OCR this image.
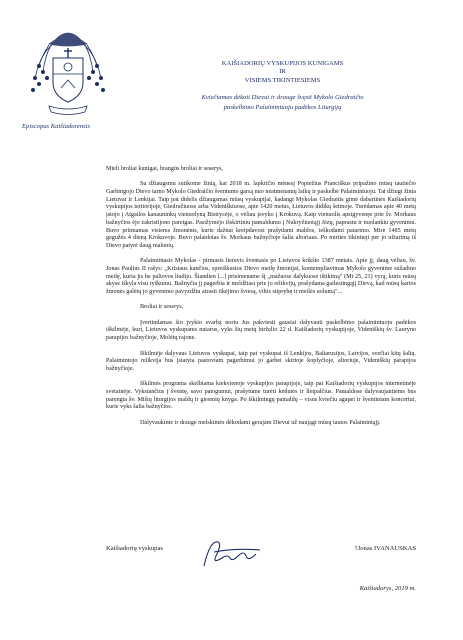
Episcopus Kaišiadorensis
KAIŠIADORIŲ VYSKUPIJOS KUNIGAMS
IR
VISIEMS TIKINTIESIEMS
Kviečiamas dėkoti Dievui ir drauge švęsti Mykolo Giedraičio
paskelbimo Palaimintuoju padėkos Liturgiją

Mieli broliai kunigai, brangūs broliai ir seserys,

Su džiaugsmu sutikome žinią, kai 2018 m. lapkričio mėnesį Popiežius Pranciškus pripažino mūsų tautiečio Garbingojo Dievo tarno Mykolo Giedraičio šventumo garsą nuo neatmenamų laikų ir paskelbė Palaimintuoju. Tai džiugi žinia Lietuvai ir Lenkijai. Taip pat didelis džiaugsmas mūsų vyskupijai, kadangi Mykolas Giedraitis gimė dabartinės Kaišiadorių vyskupijos teritorijoje, Giedručiuose arba Videniškiuose, apie 1420 metus, Lietuvos didikų šeimoje. Turėdamas apie 40 metų įstojo į Atgailos kanauninkų vienuolyną Bistrycėje, o vėliau įsvyko į Krokuvą. Kaip vienuolis apsigyvenęs prie šv. Morkaus bažnyčios ėjo zakristijono pareigas. Pasižymėjo išskirtiniu pamaldumu į Nukryžiuotąjį Jėzų, paprastu ir nuolankiu gyvenimu. Buvo priimamas visiems žmonėms, kurie dažnai kreipdavosi prašydami maldos, ieškodami patarimo. Mirė 1485 metų gegužės 4 dieną Krokuvoje. Buvo palaidotas šv. Morkaus bažnyčioje šalia altoriaus. Po mirties tikintieji per jo užtarimą iš Dievo patyrė daug malonių.

Palaimintasis Mykolas - pirmasis lietuvis šventasis po Lietuvos krikšto 1387 metais. Apie jį, daug vėliau, šv. Jonas Paulius II rašys: „Kristaus kančios, spreiškusios Dievo meilę žmonijai, kontempliavimas Mykolo gyvenime sužadino meilę, kuria jis be paliovos liudijo. Šiandien [...] prisimename šį „mažuose dalykuose ištikimą" (Mt 25, 21) vyrą, kuris mūsų akyse iškyla visu ryškumu. Bažnyčia jį pagerbia ir meldžiasi prie jo relikvijų, prašydama gailestingąjį Dievą, kad mūsų kartos žmonės galėtų jo gyvenimo pavyzdžiu atrasti tikėjimo šviesą, viltis stiprybę ir meilės uolumą"...

Broliai ir seserys,

Įvertindamas šio įvykio svarbą noriu Jus pakviesti gausiai dalyvauti paskelbimo palaimintuoju padėkos iškilmėje, kuri, Lietuvos vyskupams nutarus, vyks šių metų birželio 22 d. Kaišiadorių vyskupijoje, Videniškių šv. Lauryno parapijos bažnyčioje, Molėtų rajone.

Iškilmėje dalyvaus Lietuvos vyskupai, taip pat vyskupai iš Lenkijos, Baltarusijos, Latvijos, svečiai kitų šalių. Palaimintojo relikvija bus įstatyta pastoviam pagerbimui jo garbei skirtoje koplyčioje, altoriuje, Videniškių parapijos bažnyčioje.

Iškilmės programa skelbiama kiekvienoje vyskupijos parapijoje, taip pat Kaišiadorių vyskupijos internetinėje svetainėje. Vykstančius į šventę, savo patogumui, prašytume turėti kėdutes ir lietpalčius. Pamaldose dalyvaujantiems bus parengta šv. Mišių liturgijos maldų ir giesmių knyga. Po iškilmingų pamaldų – visus kviečiu agapei ir šventiniam koncertui, kurie vyks šalia bažnyčios.

Dalyvaukime ir drauge melskimės dėkodami gerajam Dievui už naujągi mūsų tautos Palaimintąjį.

Kaišiadorių vyskupas	†Jonas IVANAUSKAS
Kaišiadorys, 2019 m.
